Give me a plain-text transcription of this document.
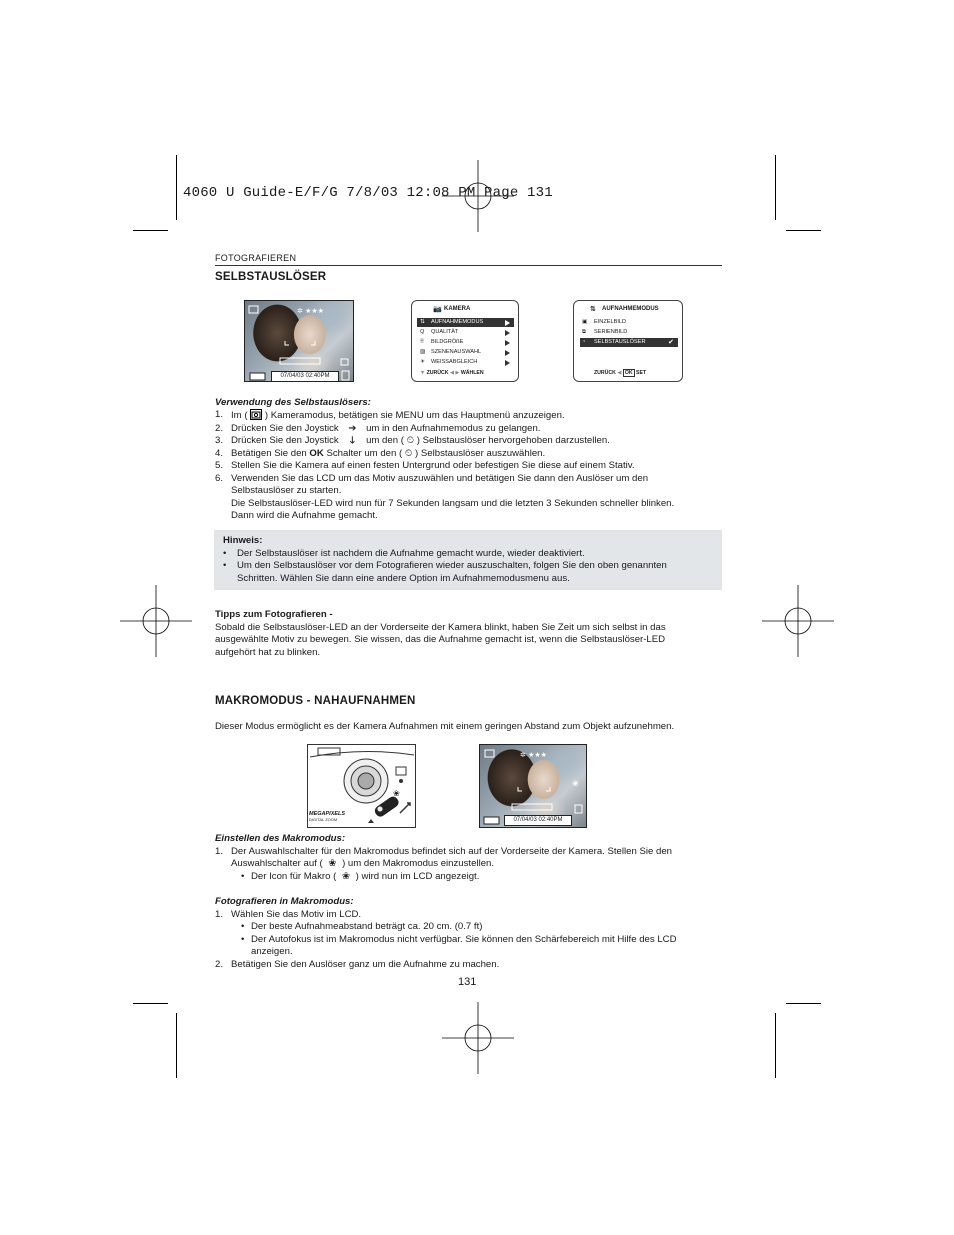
4060 U Guide-E/F/G 7/8/03 12:08 PM Page 131
FOTOGRAFIEREN
SELBSTAUSLÖSER
✲ ★★★
07/04/03 02:40PM
📷 KAMERA
⇅ AUFNAHMEMODUS
Q QUALITÄT
⠿ BILDGRÖßE
▨ SZENENAUSWAHL
☀ WEISSABGLEICH
▼ ZURÜCK ◀ ▶ WÄHLEN
⇅ AUFNAHMEMODUS
▣ EINZELBILD
⧉ SERIENBILD
◔ SELBSTAUSLÖSER	✔
ZURÜCK ◀ OK SET
Verwendung des Selbstauslösers:
1. Im ( ) Kameramodus, betätigen sie MENU um das Hauptmenü anzuzeigen.
2. Drücken Sie den Joystick ➔ um in den Aufnahmemodus zu gelangen.
3. Drücken Sie den Joystick 🡓 um den ( ⏲ ) Selbstauslöser hervorgehoben darzustellen.
4. Betätigen Sie den OK Schalter um den ( ⏲ ) Selbstauslöser auszuwählen.
5. Stellen Sie die Kamera auf einen festen Untergrund oder befestigen Sie diese auf einem Stativ.
6. Verwenden Sie das LCD um das Motiv auszuwählen und betätigen Sie dann den Auslöser um den
Selbstauslöser zu starten.
Die Selbstauslöser-LED wird nun für 7 Sekunden langsam und die letzten 3 Sekunden schneller blinken.
Dann wird die Aufnahme gemacht.
Hinweis:
• Der Selbstauslöser ist nachdem die Aufnahme gemacht wurde, wieder deaktiviert.
• Um den Selbstauslöser vor dem Fotografieren wieder auszuschalten, folgen Sie den oben genannten
Schritten. Wählen Sie dann eine andere Option im Aufnahmemodusmenu aus.
Tipps zum Fotografieren -
Sobald die Selbstauslöser-LED an der Vorderseite der Kamera blinkt, haben Sie Zeit um sich selbst in das
ausgewählte Motiv zu bewegen. Sie wissen, das die Aufnahme gemacht ist, wenn die Selbstauslöser-LED
aufgehört hat zu blinken.
MAKROMODUS - NAHAUFNAHMEN
Dieser Modus ermöglicht es der Kamera Aufnahmen mit einem geringen Abstand zum Objekt aufzunehmen.
MEGAPIXELS
DIGITAL ZOOM
❀
✲ ★★★
❀
07/04/03 02:40PM
Einstellen des Makromodus:
1. Der Auswahlschalter für den Makromodus befindet sich auf der Vorderseite der Kamera. Stellen Sie den
Auswahlschalter auf ( ❀ ) um den Makromodus einzustellen.
• Der Icon für Makro ( ❀ ) wird nun im LCD angezeigt.
Fotografieren in Makromodus:
1. Wählen Sie das Motiv im LCD.
• Der beste Aufnahmeabstand beträgt ca. 20 cm. (0.7 ft)
• Der Autofokus ist im Makromodus nicht verfügbar. Sie können den Schärfebereich mit Hilfe des LCD
anzeigen.
2. Betätigen Sie den Auslöser ganz um die Aufnahme zu machen.
131
